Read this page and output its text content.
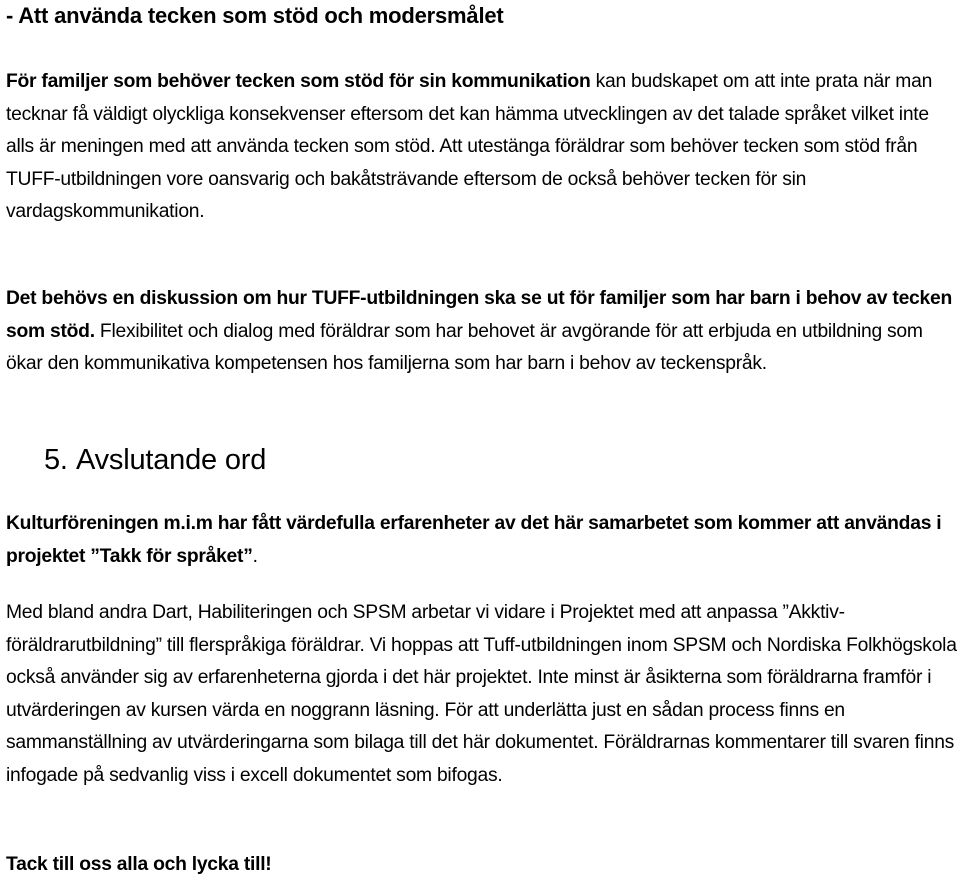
- Att använda tecken som stöd och modersmålet

För familjer som behöver tecken som stöd för sin kommunikation kan budskapet om att inte prata när man tecknar få väldigt olyckliga konsekvenser eftersom det kan hämma utvecklingen av det talade språket vilket inte alls är meningen med att använda tecken som stöd. Att utestänga föräldrar som behöver tecken som stöd från TUFF-utbildningen vore oansvarig och bakåtsträvande eftersom de också behöver tecken för sin vardagskommunikation.

Det behövs en diskussion om hur TUFF-utbildningen ska se ut för familjer som har barn i behov av tecken som stöd. Flexibilitet och dialog med föräldrar som har behovet är avgörande för att erbjuda en utbildning som ökar den kommunikativa kompetensen hos familjerna som har barn i behov av teckenspråk.

5. Avslutande ord

Kulturföreningen m.i.m har fått värdefulla erfarenheter av det här samarbetet som kommer att användas i projektet ”Takk för språket”.

Med bland andra Dart, Habiliteringen och SPSM arbetar vi vidare i Projektet med att anpassa ”Akktiv-föräldrarutbildning” till flerspråkiga föräldrar. Vi hoppas att Tuff-utbildningen inom SPSM och Nordiska Folkhögskola också använder sig av erfarenheterna gjorda i det här projektet. Inte minst är åsikterna som föräldrarna framför i utvärderingen av kursen värda en noggrann läsning. För att underlätta just en sådan process finns en sammanställning av utvärderingarna som bilaga till det här dokumentet. Föräldrarnas kommentarer till svaren finns infogade på sedvanlig viss i excell dokumentet som bifogas.

Tack till oss alla och lycka till!
